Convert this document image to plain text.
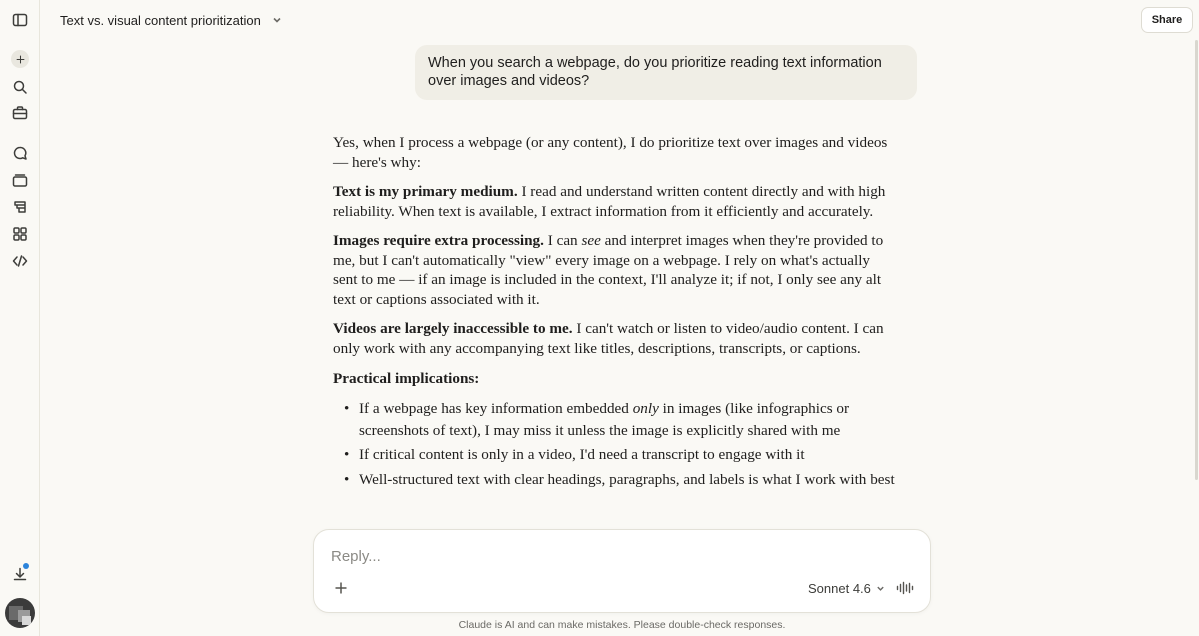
Text vs. visual content prioritization	Share
When you search a webpage, do you prioritize reading text information over images and videos?

Yes, when I process a webpage (or any content), I do prioritize text over images and videos — here's why:

Text is my primary medium. I read and understand written content directly and with high reliability. When text is available, I extract information from it efficiently and accurately.

Images require extra processing. I can see and interpret images when they're provided to me, but I can't automatically "view" every image on a webpage. I rely on what's actually sent to me — if an image is included in the context, I'll analyze it; if not, I only see any alt text or captions associated with it.

Videos are largely inaccessible to me. I can't watch or listen to video/audio content. I can only work with any accompanying text like titles, descriptions, transcripts, or captions.

Practical implications:

• If a webpage has key information embedded only in images (like infographics or screenshots of text), I may miss it unless the image is explicitly shared with me
• If critical content is only in a video, I'd need a transcript to engage with it
• Well-structured text with clear headings, paragraphs, and labels is what I work with best
Reply...
Sonnet 4.6
Claude is AI and can make mistakes. Please double-check responses.
